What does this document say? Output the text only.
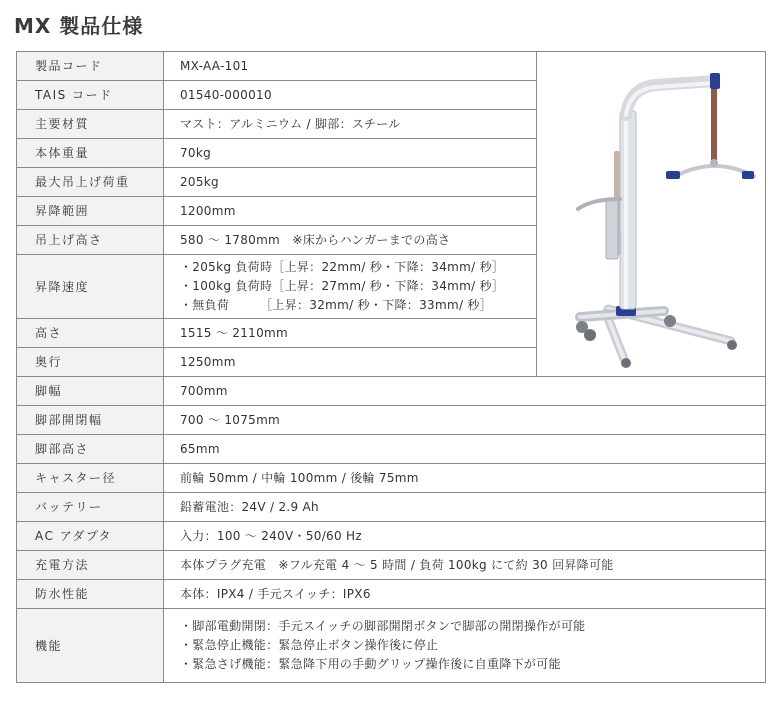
MX 製品仕様
製品コード	MX-AA-101	

TAIS コード	01540-000010	
主要材質	マスト：アルミニウム / 脚部：スチール	
本体重量	70kg	
最大吊上げ荷重	205kg	
昇降範囲	1200mm	
吊上げ高さ	580 ～ 1780mm　※床からハンガーまでの高さ	
昇降速度	・205kg 負荷時［上昇：22mm/ 秒・下降：34mm/ 秒］
・100kg 負荷時［上昇：27mm/ 秒・下降：34mm/ 秒］
・無負荷　　　［上昇：32mm/ 秒・下降：33mm/ 秒］	

高さ	1515 ～ 2110mm	
奥行	1250mm	
脚幅	700mm	
脚部開閉幅	700 ～ 1075mm	
脚部高さ	65mm	
キャスター径	前輪 50mm / 中輪 100mm / 後輪 75mm	
バッテリー	鉛蓄電池：24V / 2.9 Ah	
AC アダプタ	入力：100 ～ 240V・50/60 Hz	
充電方法	本体プラグ充電　※フル充電 4 ～ 5 時間 / 負荷 100kg にて約 30 回昇降可能	
防水性能	本体：IPX4 / 手元スイッチ：IPX6	
機能	・脚部電動開閉：手元スイッチの脚部開閉ボタンで脚部の開閉操作が可能
・緊急停止機能：緊急停止ボタン操作後に停止
・緊急さげ機能：緊急降下用の手動グリップ操作後に自重降下が可能	
